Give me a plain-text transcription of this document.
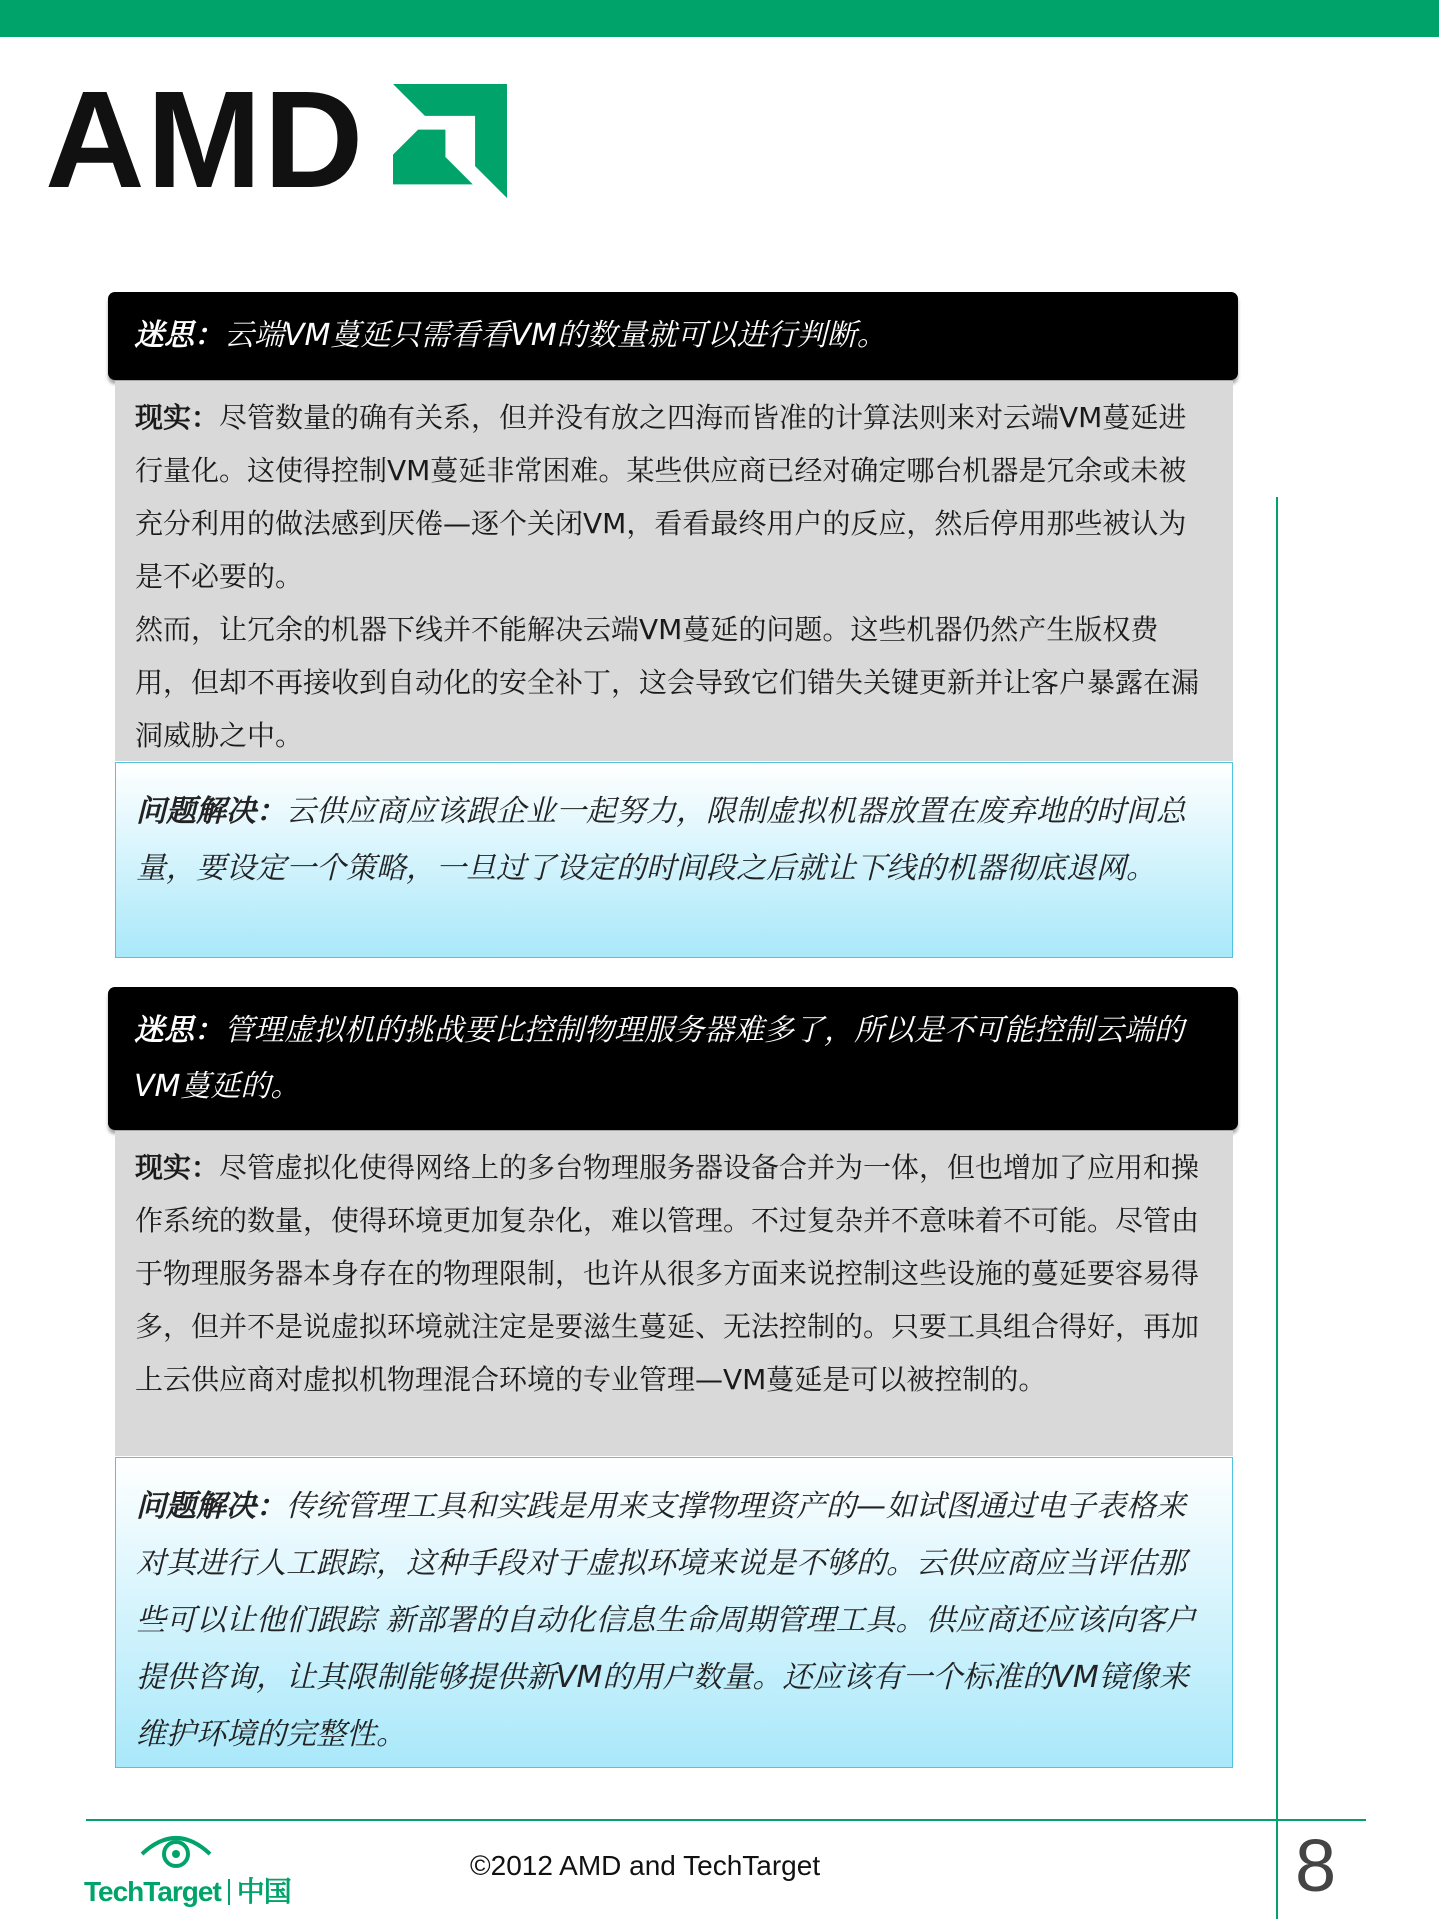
AMD
迷思：云端VM蔓延只需看看VM的数量就可以进行判断。

现实：尽管数量的确有关系，但并没有放之四海而皆准的计算法则来对云端VM蔓延进行量化。这使得控制VM蔓延非常困难。某些供应商已经对确定哪台机器是冗余或未被充分利用的做法感到厌倦—逐个关闭VM，看看最终用户的反应，然后停用那些被认为是不必要的。

然而，让冗余的机器下线并不能解决云端VM蔓延的问题。这些机器仍然产生版权费用，但却不再接收到自动化的安全补丁，这会导致它们错失关键更新并让客户暴露在漏洞威胁之中。

问题解决：云供应商应该跟企业一起努力，限制虚拟机器放置在废弃地的时间总量，要设定一个策略，一旦过了设定的时间段之后就让下线的机器彻底退网。
迷思：管理虚拟机的挑战要比控制物理服务器难多了，所以是不可能控制云端的VM蔓延的。

现实：尽管虚拟化使得网络上的多台物理服务器设备合并为一体，但也增加了应用和操作系统的数量，使得环境更加复杂化，难以管理。不过复杂并不意味着不可能。尽管由于物理服务器本身存在的物理限制，也许从很多方面来说控制这些设施的蔓延要容易得多，但并不是说虚拟环境就注定是要滋生蔓延、无法控制的。只要工具组合得好，再加上云供应商对虚拟机物理混合环境的专业管理—VM蔓延是可以被控制的。

问题解决：传统管理工具和实践是用来支撑物理资产的—如试图通过电子表格来对其进行人工跟踪，这种手段对于虚拟环境来说是不够的。云供应商应当评估那些可以让他们跟踪 新部署的自动化信息生命周期管理工具。供应商还应该向客户提供咨询，让其限制能够提供新VM的用户数量。还应该有一个标准的VM镜像来维护环境的完整性。
TechTarget 中国
©2012 AMD and TechTarget	8
